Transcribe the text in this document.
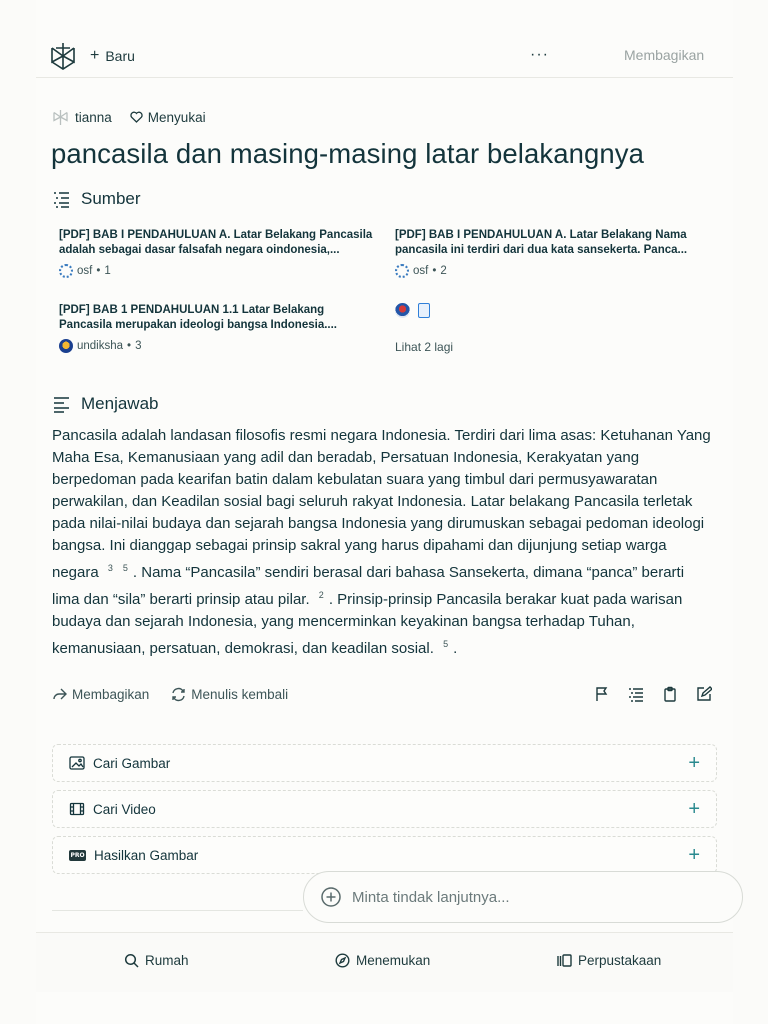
+ Baru	···	Membagikan
tianna	Menyukai
pancasila dan masing-masing latar belakangnya
Sumber
[PDF] BAB I PENDAHULUAN A. Latar Belakang Pancasila adalah sebagai dasar falsafah negara oindonesia,...
osf • 1
[PDF] BAB I PENDAHULUAN A. Latar Belakang Nama pancasila ini terdiri dari dua kata sansekerta. Panca...
osf • 2
[PDF] BAB 1 PENDAHULUAN 1.1 Latar Belakang Pancasila merupakan ideologi bangsa Indonesia....
undiksha • 3	Lihat 2 lagi
Menjawab
Pancasila adalah landasan filosofis resmi negara Indonesia. Terdiri dari lima asas: Ketuhanan Yang Maha Esa, Kemanusiaan yang adil dan beradab, Persatuan Indonesia, Kerakyatan yang berpedoman pada kearifan batin dalam kebulatan suara yang timbul dari permusyawaratan perwakilan, dan Keadilan sosial bagi seluruh rakyat Indonesia. Latar belakang Pancasila terletak pada nilai-nilai budaya dan sejarah bangsa Indonesia yang dirumuskan sebagai pedoman ideologi bangsa. Ini dianggap sebagai prinsip sakral yang harus dipahami dan dijunjung setiap warga negara $^3$ $^5$ . Nama “Pancasila” sendiri berasal dari bahasa Sansekerta, dimana “panca” berarti lima dan “sila” berarti prinsip atau pilar. $^2$ . Prinsip-prinsip Pancasila berakar kuat pada warisan budaya dan sejarah Indonesia, yang mencerminkan keyakinan bangsa terhadap Tuhan, kemanusiaan, persatuan, demokrasi, dan keadilan sosial. $^5$ .
Membagikan	Menulis kembali
Cari Gambar	+
Cari Video	+
PRO Hasilkan Gambar	+
Minta tindak lanjutnya...
Rumah	Menemukan	Perpustakaan
